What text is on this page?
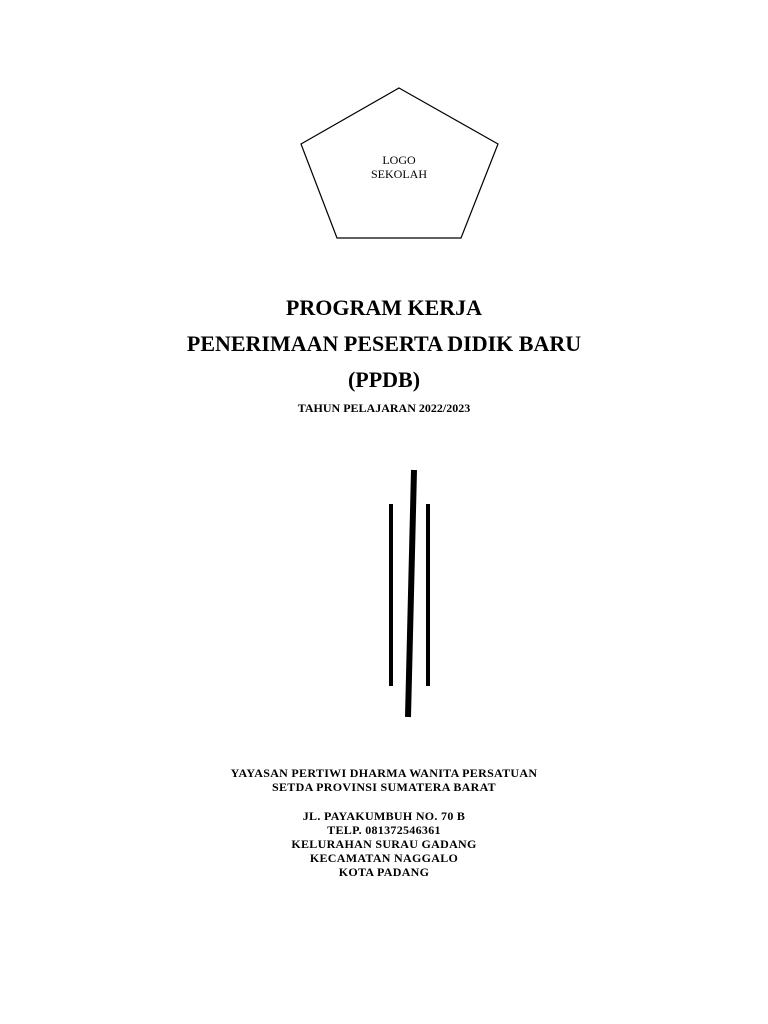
LOGO
SEKOLAH
PROGRAM KERJA
PENERIMAAN PESERTA DIDIK BARU
(PPDB)
TAHUN PELAJARAN 2022/2023
YAYASAN PERTIWI DHARMA WANITA PERSATUAN
SETDA PROVINSI SUMATERA BARAT
JL. PAYAKUMBUH NO. 70 B
TELP. 081372546361
KELURAHAN SURAU GADANG
KECAMATAN NAGGALO
KOTA PADANG
